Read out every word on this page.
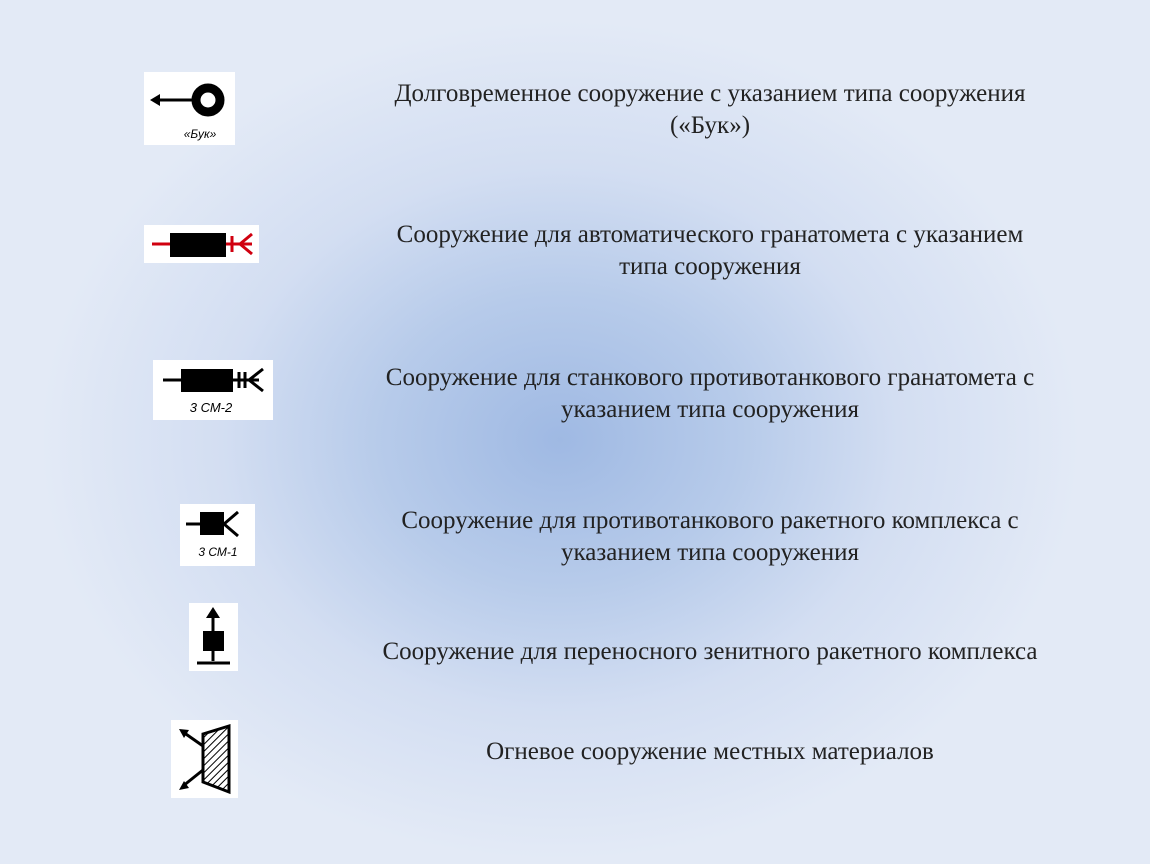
«Бук»
Долговременное сооружение с указанием типа сооружения
(«Бук»)
Сооружение для автоматического гранатомета с указанием
типа сооружения
3 СМ-2
Сооружение для станкового противотанкового гранатомета с
указанием типа сооружения
3 СМ-1
Сооружение для противотанкового ракетного комплекса с
указанием типа сооружения
Сооружение для переносного зенитного ракетного комплекса
Огневое сооружение местных материалов
